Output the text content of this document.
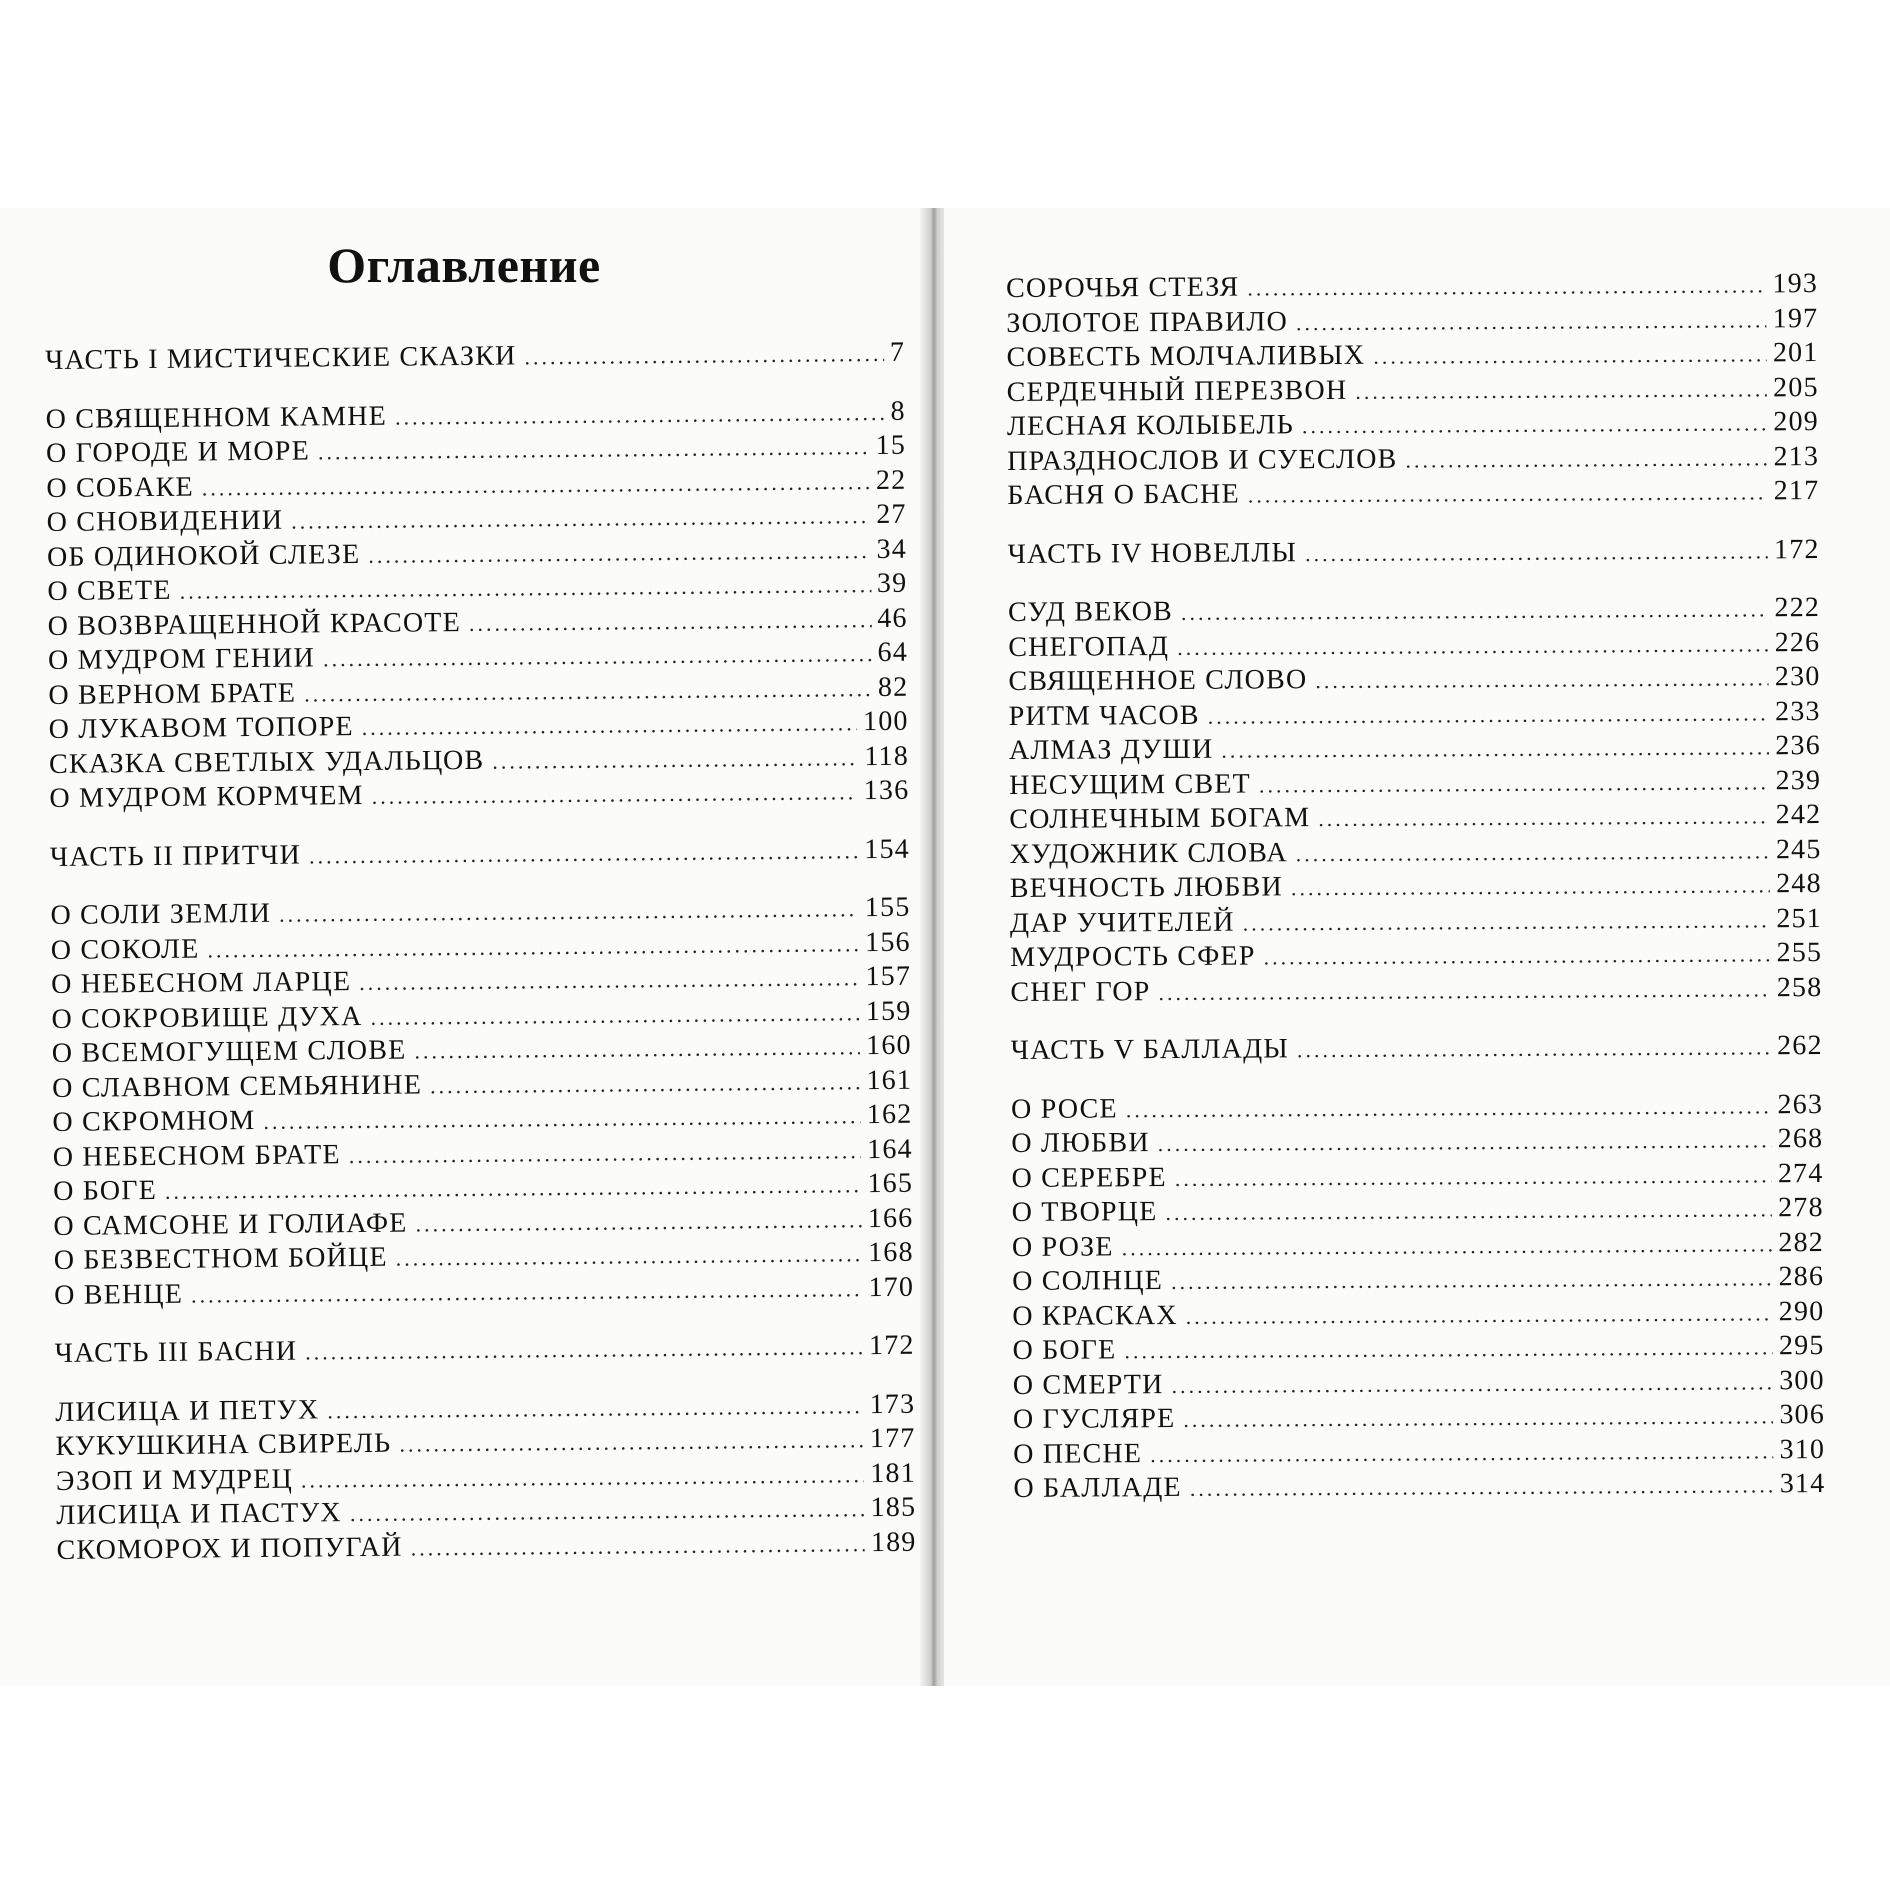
Оглавление
ЧАСТЬ I МИСТИЧЕСКИЕ СКАЗКИ .....	7
О СВЯЩЕННОМ КАМНЕ .....	8
О ГОРОДЕ И МОРЕ .....	15
О СОБАКЕ .....	22
О СНОВИДЕНИИ .....	27
ОБ ОДИНОКОЙ СЛЕЗЕ .....	34
О СВЕТЕ .....	39
О ВОЗВРАЩЕННОЙ КРАСОТЕ .....	46
О МУДРОМ ГЕНИИ .....	64
О ВЕРНОМ БРАТЕ .....	82
О ЛУКАВОМ ТОПОРЕ .....	100
СКАЗКА СВЕТЛЫХ УДАЛЬЦОВ .....	118
О МУДРОМ КОРМЧЕМ .....	136
ЧАСТЬ II ПРИТЧИ .....	154
О СОЛИ ЗЕМЛИ .....	155
О СОКОЛЕ .....	156
О НЕБЕСНОМ ЛАРЦЕ .....	157
О СОКРОВИЩЕ ДУХА .....	159
О ВСЕМОГУЩЕМ СЛОВЕ .....	160
О СЛАВНОМ СЕМЬЯНИНЕ .....	161
О СКРОМНОМ .....	162
О НЕБЕСНОМ БРАТЕ .....	164
О БОГЕ .....	165
О САМСОНЕ И ГОЛИАФЕ .....	166
О БЕЗВЕСТНОМ БОЙЦЕ .....	168
О ВЕНЦЕ .....	170
ЧАСТЬ III БАСНИ .....	172
ЛИСИЦА И ПЕТУХ .....	173
КУКУШКИНА СВИРЕЛЬ .....	177
ЭЗОП И МУДРЕЦ .....	181
ЛИСИЦА И ПАСТУХ .....	185
СКОМОРОХ И ПОПУГАЙ .....	189
СОРОЧЬЯ СТЕЗЯ .....	193
ЗОЛОТОЕ ПРАВИЛО .....	197
СОВЕСТЬ МОЛЧАЛИВЫХ .....	201
СЕРДЕЧНЫЙ ПЕРЕЗВОН .....	205
ЛЕСНАЯ КОЛЫБЕЛЬ .....	209
ПРАЗДНОСЛОВ И СУЕСЛОВ .....	213
БАСНЯ О БАСНЕ .....	217
ЧАСТЬ IV НОВЕЛЛЫ .....	172
СУД ВЕКОВ .....	222
СНЕГОПАД .....	226
СВЯЩЕННОЕ СЛОВО .....	230
РИТМ ЧАСОВ .....	233
АЛМАЗ ДУШИ .....	236
НЕСУЩИМ СВЕТ .....	239
СОЛНЕЧНЫМ БОГАМ .....	242
ХУДОЖНИК СЛОВА .....	245
ВЕЧНОСТЬ ЛЮБВИ .....	248
ДАР УЧИТЕЛЕЙ .....	251
МУДРОСТЬ СФЕР .....	255
СНЕГ ГОР .....	258
ЧАСТЬ V БАЛЛАДЫ .....	262
О РОСЕ .....	263
О ЛЮБВИ .....	268
О СЕРЕБРЕ .....	274
О ТВОРЦЕ .....	278
О РОЗЕ .....	282
О СОЛНЦЕ .....	286
О КРАСКАХ .....	290
О БОГЕ .....	295
О СМЕРТИ .....	300
О ГУСЛЯРЕ .....	306
О ПЕСНЕ .....	310
О БАЛЛАДЕ .....	314
